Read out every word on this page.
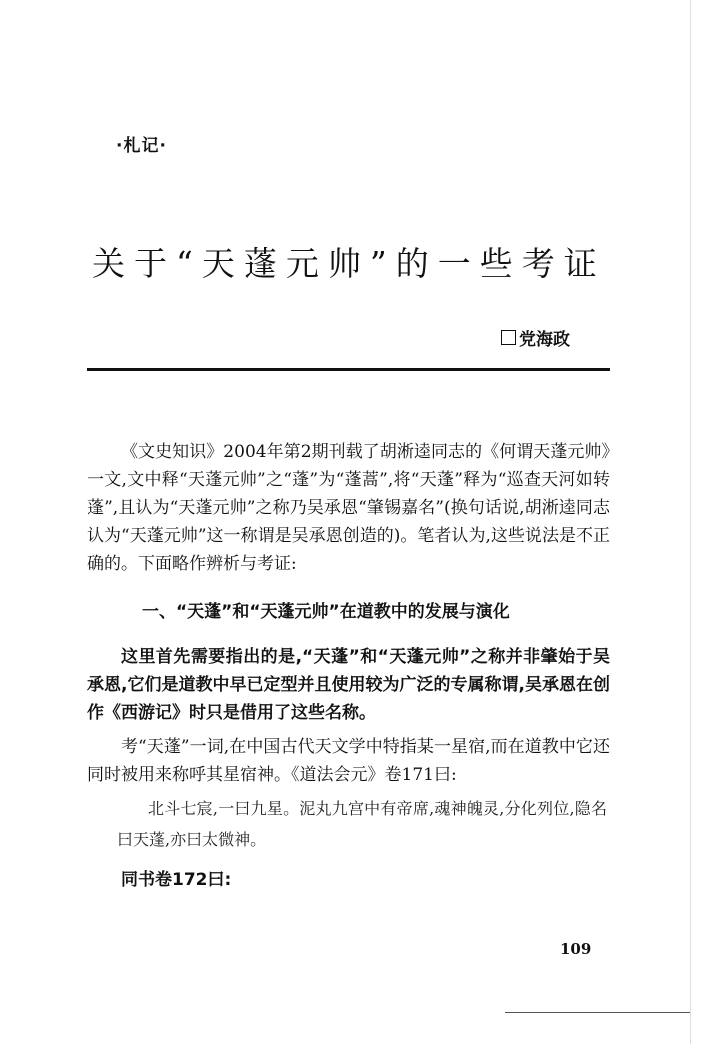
·札记·
关于“天蓬元帅”的一些考证
党海政

《文史知识》2004年第2期刊载了胡淅逵同志的《何谓天蓬元帅》一文,文中释“天蓬元帅”之“蓬”为“蓬蒿”,将“天蓬”释为“巡查天河如转蓬”,且认为“天蓬元帅”之称乃吴承恩“肇锡嘉名”(换句话说,胡淅逵同志认为“天蓬元帅”这一称谓是吴承恩创造的)。笔者认为,这些说法是不正确的。下面略作辨析与考证:

一、“天蓬”和“天蓬元帅”在道教中的发展与演化

这里首先需要指出的是,“天蓬”和“天蓬元帅”之称并非肇始于吴承恩,它们是道教中早已定型并且使用较为广泛的专属称谓,吴承恩在创作《西游记》时只是借用了这些名称。

考“天蓬”一词,在中国古代天文学中特指某一星宿,而在道教中它还同时被用来称呼其星宿神。《道法会元》卷171曰:

北斗七宸,一曰九星。泥丸九宫中有帝席,魂神魄灵,分化列位,隐名曰天蓬,亦曰太微神。

同书卷172曰:
109
